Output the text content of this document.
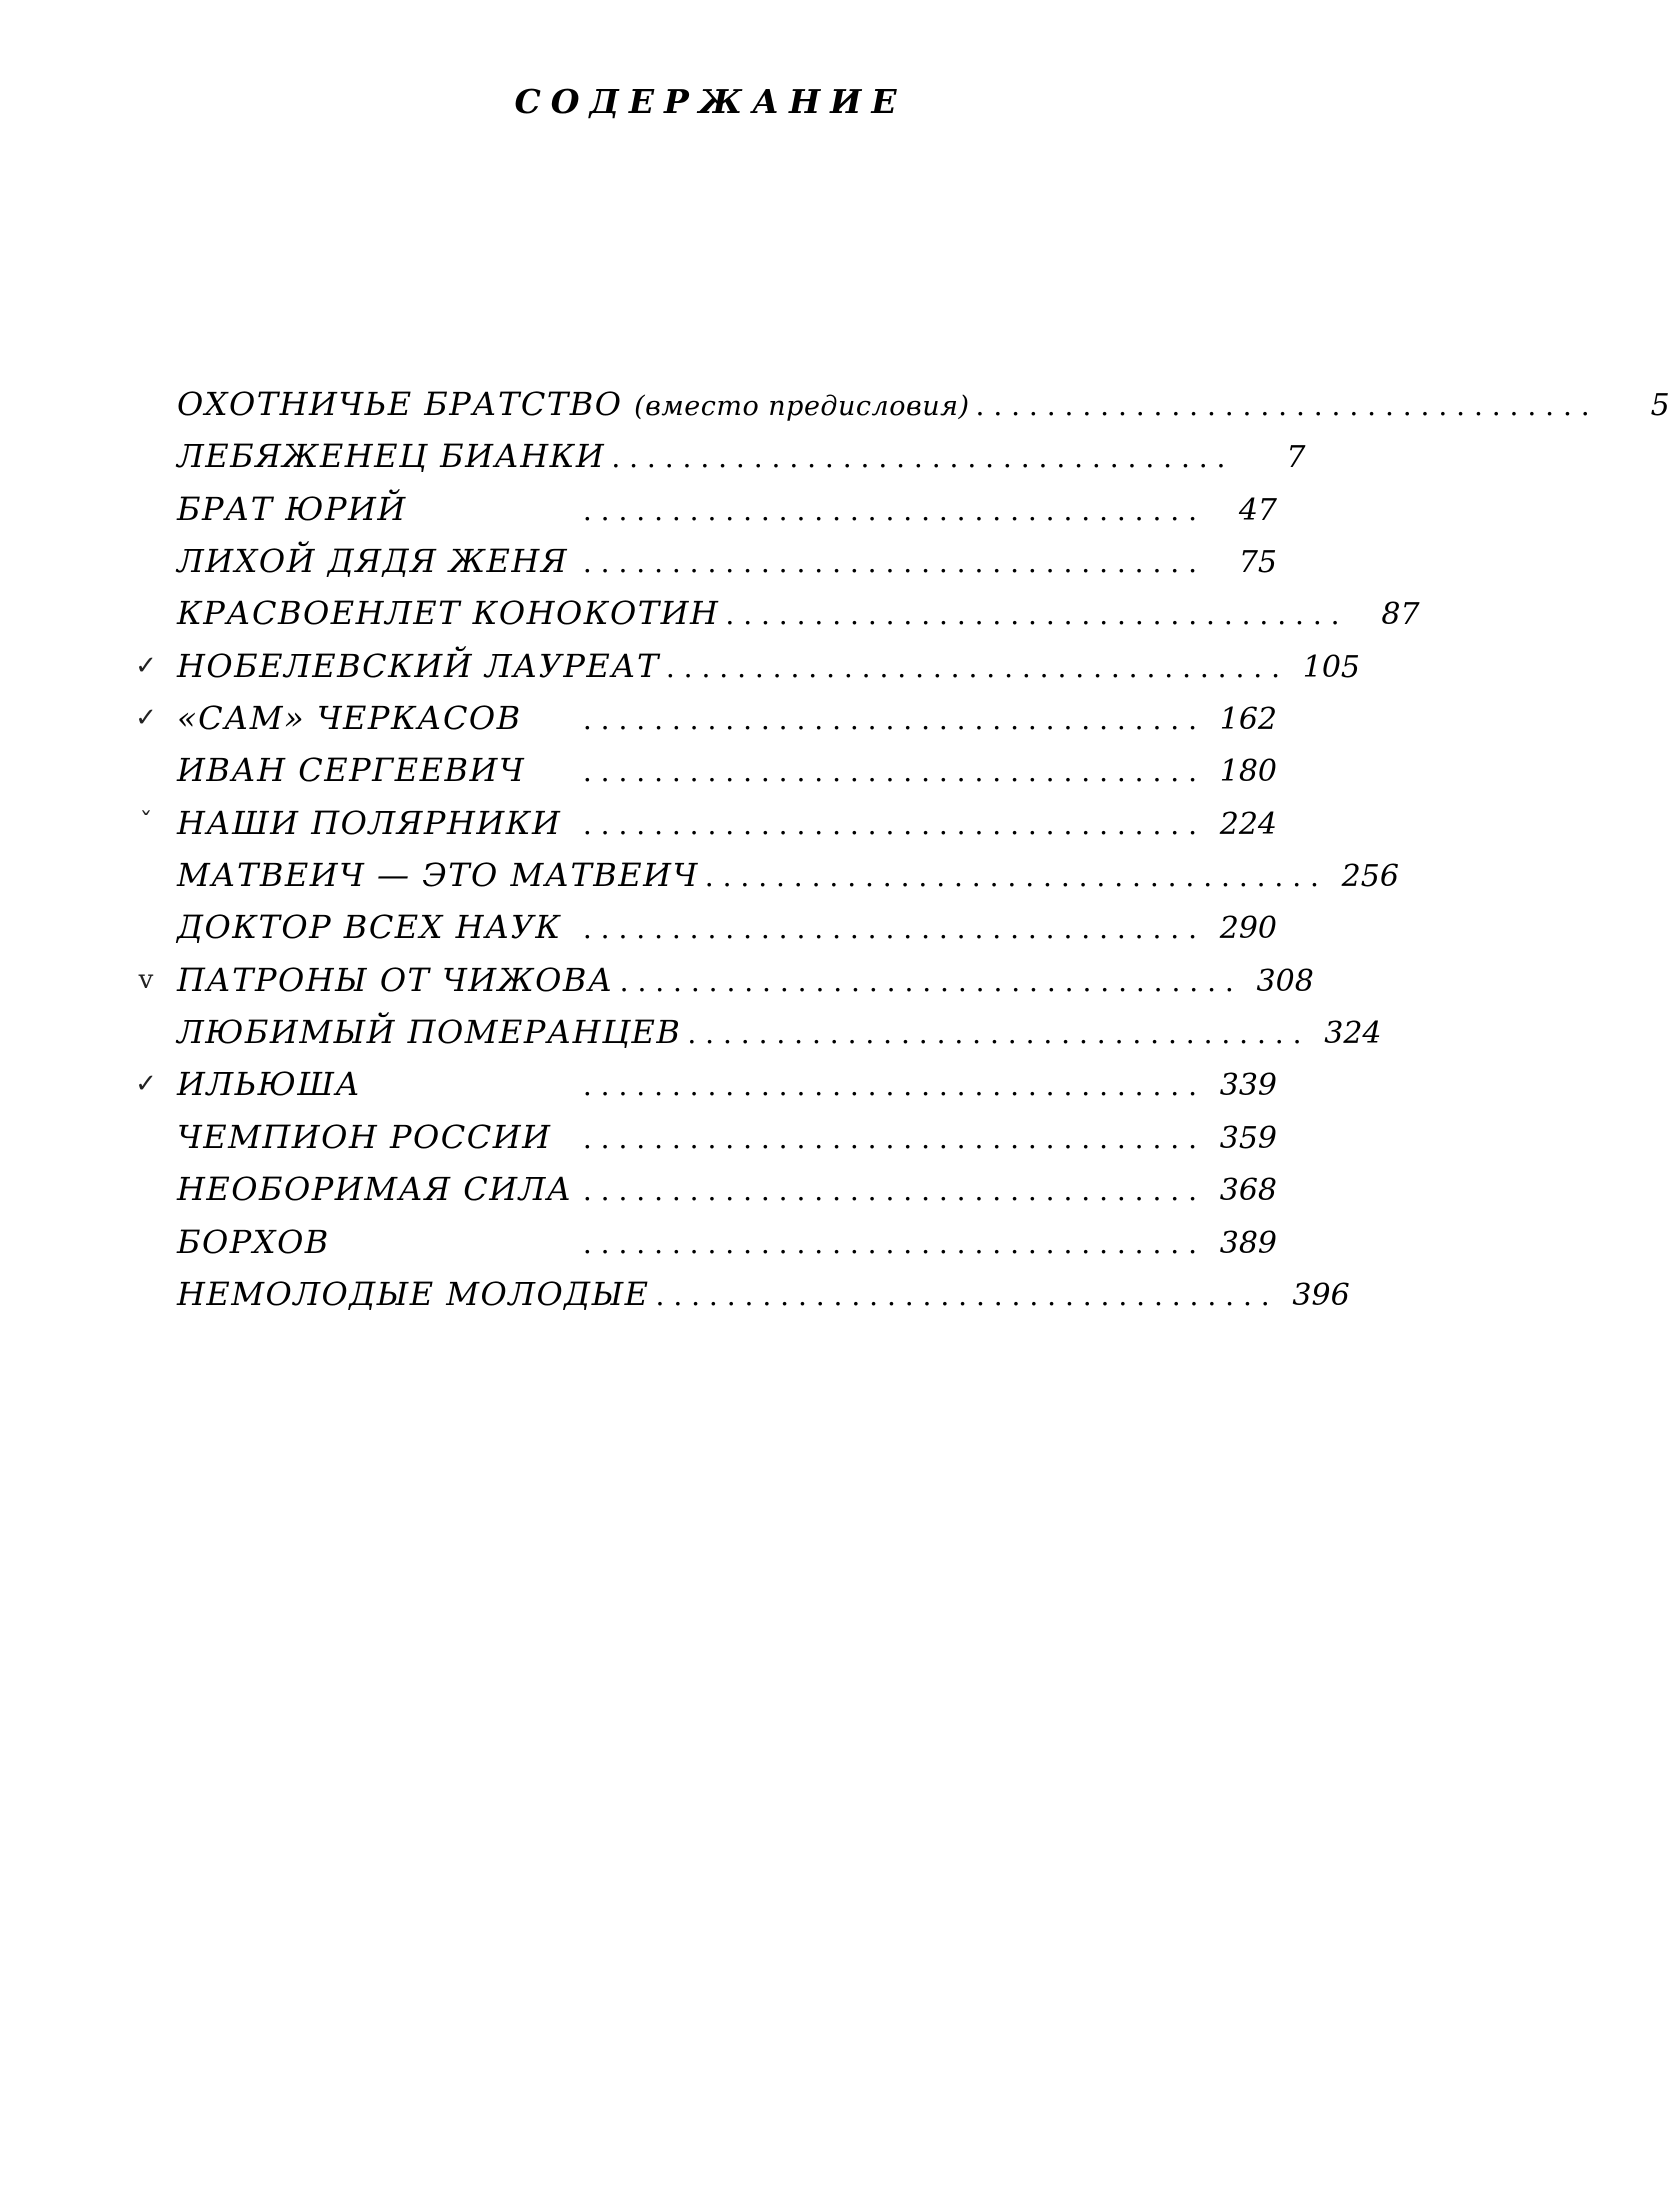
СОДЕРЖАНИЕ
ОХОТНИЧЬЕ БРАТСТВО (вместо предисловия) . . . . . . . . . . . . . . . . . . . . . . . . . . . . . . . . . . .	5
ЛЕБЯЖЕНЕЦ БИАНКИ . . . . . . . . . . . . . . . . . . . . . . . . . . . . . . . . . . .	7
БРАТ ЮРИЙ	. . . . . . . . . . . . . . . . . . . . . . . . . . . . . . . . . . .	47
ЛИХОЙ ДЯДЯ ЖЕНЯ . . . . . . . . . . . . . . . . . . . . . . . . . . . . . . . . . . .	75
КРАСВОЕНЛЕТ КОНОКОТИН . . . . . . . . . . . . . . . . . . . . . . . . . . . . . . . . . . .	87
✓ НОБЕЛЕВСКИЙ ЛАУРЕАТ . . . . . . . . . . . . . . . . . . . . . . . . . . . . . . . . . . . 105
✓ «САМ» ЧЕРКАСОВ	. . . . . . . . . . . . . . . . . . . . . . . . . . . . . . . . . . . 162
ИВАН СЕРГЕЕВИЧ	. . . . . . . . . . . . . . . . . . . . . . . . . . . . . . . . . . . 180
ˇ НАШИ ПОЛЯРНИКИ . . . . . . . . . . . . . . . . . . . . . . . . . . . . . . . . . . . 224
МАТВЕИЧ — ЭТО МАТВЕИЧ . . . . . . . . . . . . . . . . . . . . . . . . . . . . . . . . . . . 256
ДОКТОР ВСЕХ НАУК . . . . . . . . . . . . . . . . . . . . . . . . . . . . . . . . . . . 290
v ПАТРОНЫ ОТ ЧИЖОВА . . . . . . . . . . . . . . . . . . . . . . . . . . . . . . . . . . . 308
ЛЮБИМЫЙ ПОМЕРАНЦЕВ . . . . . . . . . . . . . . . . . . . . . . . . . . . . . . . . . . . 324
✓ ИЛЬЮША	. . . . . . . . . . . . . . . . . . . . . . . . . . . . . . . . . . . 339
ЧЕМПИОН РОССИИ	. . . . . . . . . . . . . . . . . . . . . . . . . . . . . . . . . . . 359
НЕОБОРИМАЯ СИЛА . . . . . . . . . . . . . . . . . . . . . . . . . . . . . . . . . . . 368
БОРХОВ	. . . . . . . . . . . . . . . . . . . . . . . . . . . . . . . . . . . 389
НЕМОЛОДЫЕ МОЛОДЫЕ . . . . . . . . . . . . . . . . . . . . . . . . . . . . . . . . . . . 396
